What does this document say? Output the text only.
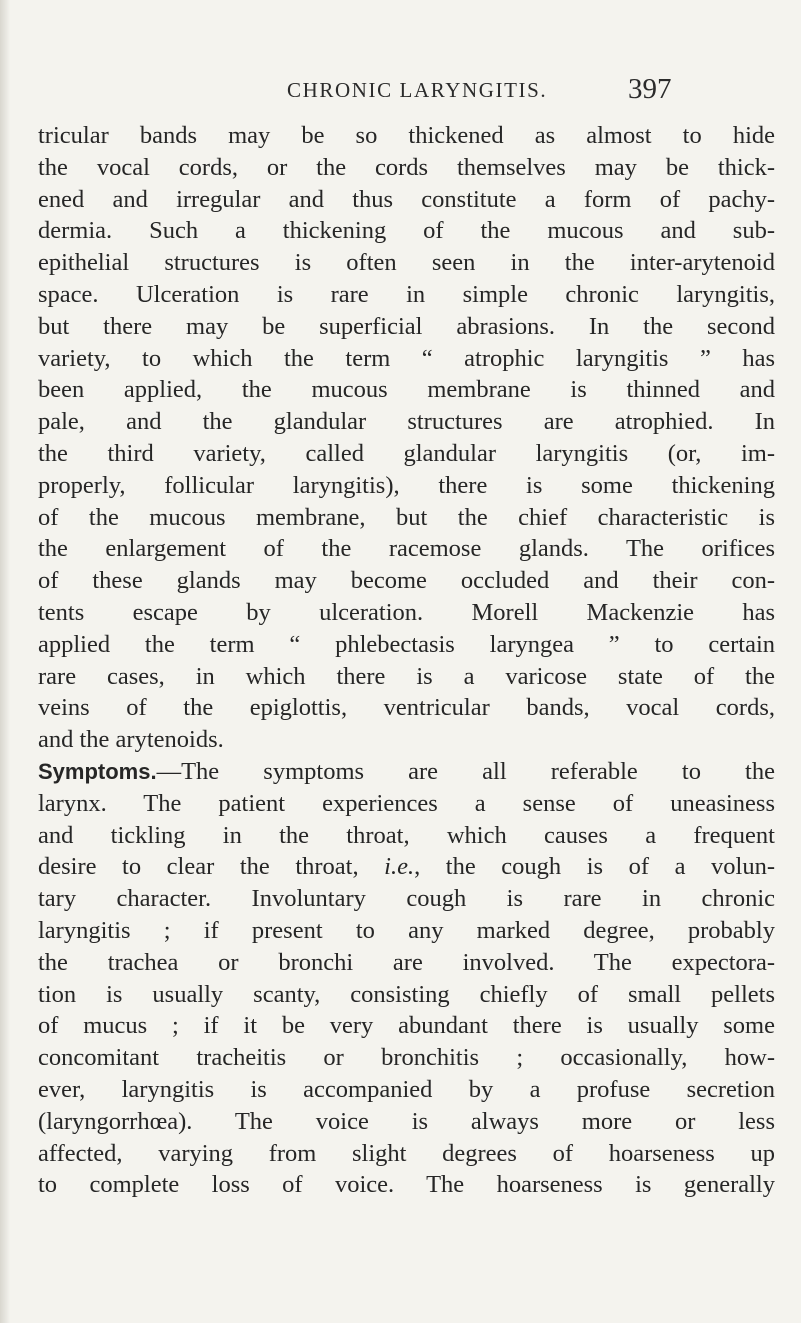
CHRONIC LARYNGITIS.	397
tricular bands may be so thickened as almost to hide
the vocal cords, or the cords themselves may be thick-
ened and irregular and thus constitute a form of pachy-
dermia. Such a thickening of the mucous and sub-
epithelial structures is often seen in the inter-arytenoid
space. Ulceration is rare in simple chronic laryngitis,
but there may be superficial abrasions. In the second
variety, to which the term “ atrophic laryngitis ” has
been applied, the mucous membrane is thinned and
pale, and the glandular structures are atrophied. In
the third variety, called glandular laryngitis (or, im-
properly, follicular laryngitis), there is some thickening
of the mucous membrane, but the chief characteristic is
the enlargement of the racemose glands. The orifices
of these glands may become occluded and their con-
tents escape by ulceration. Morell Mackenzie has
applied the term “ phlebectasis laryngea ” to certain
rare cases, in which there is a varicose state of the
veins of the epiglottis, ventricular bands, vocal cords,
and the arytenoids.
Symptoms.—The symptoms are all referable to the
larynx. The patient experiences a sense of uneasiness
and tickling in the throat, which causes a frequent
desire to clear the throat, i.e., the cough is of a volun-
tary character. Involuntary cough is rare in chronic
laryngitis ; if present to any marked degree, probably
the trachea or bronchi are involved. The expectora-
tion is usually scanty, consisting chiefly of small pellets
of mucus ; if it be very abundant there is usually some
concomitant tracheitis or bronchitis ; occasionally, how-
ever, laryngitis is accompanied by a profuse secretion
(laryngorrhœa). The voice is always more or less
affected, varying from slight degrees of hoarseness up
to complete loss of voice. The hoarseness is generally
